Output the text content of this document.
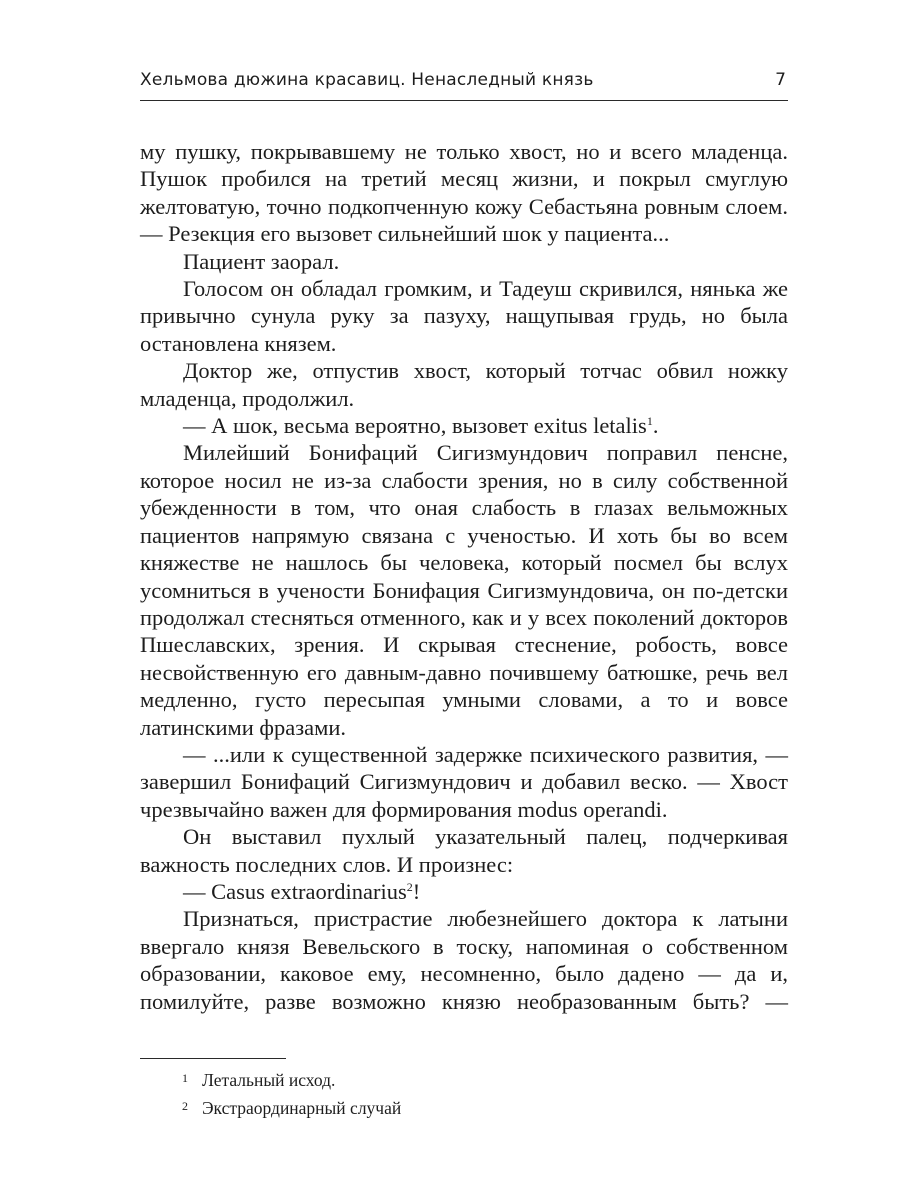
Хельмова дюжина красавиц. Ненаследный князь	7

му пушку, покрывавшему не только хвост, но и всего младенца. Пушок пробился на третий месяц жизни, и покрыл смуглую желтоватую, точно подкопченную кожу Себастьяна ровным слоем. — Резекция его вызовет сильнейший шок у пациента...

Пациент заорал.

Голосом он обладал громким, и Тадеуш скривился, нянька же привычно сунула руку за пазуху, нащупывая грудь, но была остановлена князем.

Доктор же, отпустив хвост, который тотчас обвил ножку младенца, продолжил.

— А шок, весьма вероятно, вызовет exitus letalis$^1$.

Милейший Бонифаций Сигизмундович поправил пенсне, которое носил не из-за слабости зрения, но в силу собственной убежденности в том, что оная слабость в глазах вельможных пациентов напрямую связана с ученостью. И хоть бы во всем княжестве не нашлось бы человека, который посмел бы вслух усомниться в учености Бонифация Сигизмундовича, он по-детски продолжал стесняться отменного, как и у всех поколений докторов Пшеславских, зрения. И скрывая стеснение, робость, вовсе несвойственную его давным-давно почившему батюшке, речь вел медленно, густо пересыпая умными словами, а то и вовсе латинскими фразами.

— ...или к существенной задержке психического развития, — завершил Бонифаций Сигизмундович и добавил веско. — Хвост чрезвычайно важен для формирования modus operandi.

Он выставил пухлый указательный палец, подчеркивая важность последних слов. И произнес:

— Casus extraordinarius$^2$!

Признаться, пристрастие любезнейшего доктора к латыни ввергало князя Вевельского в тоску, напоминая о собственном образовании, каковое ему, несомненно, было дадено — да и, помилуйте, разве возможно князю необразованным быть? —

1 Летальный исход.
2 Экстраординарный случай
